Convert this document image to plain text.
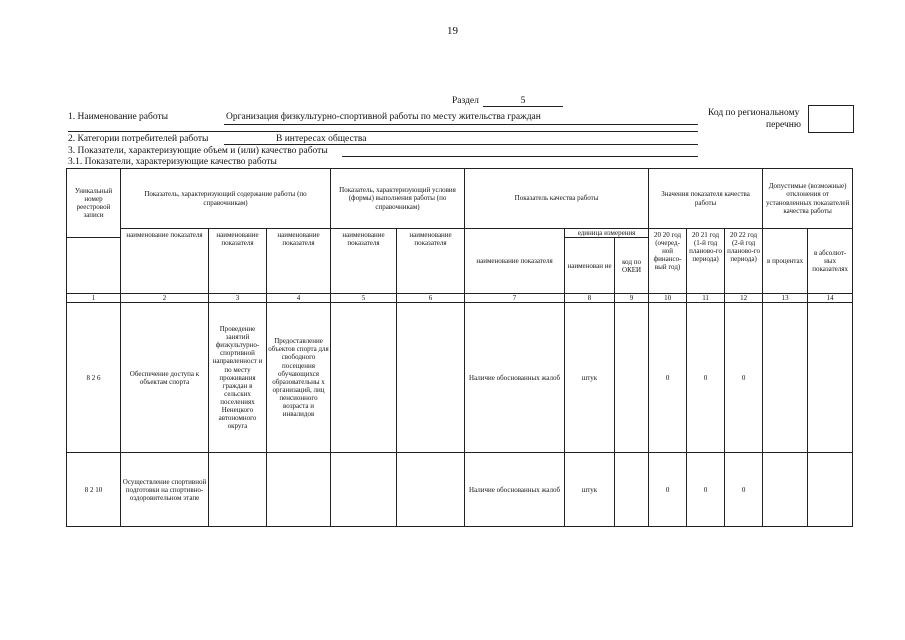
19
Раздел	5
1. Наименование работы	Организация физкультурно-спортивной работы по месту жительства граждан	Код по региональному
перечню
2. Категории потребителей работы	В интересах общества
3. Показатели, характеризующие объем и (или) качество работы
3.1. Показатели, характеризующие качество работы
Уникальный номер реестровой записи	Показатель, характеризующий содержание работы (по справочникам)			Показатель, характеризующий условия (формы) выполнения работы (по справочникам)		Показатель качества работы			Значения показателя качества работы			Допустимые (возможные) отклонения от установленных показателей качества работы	
	наименование показателя	наименование показателя	наименование показателя	наименование показателя	наименование показателя	наименование показателя	единица измерения		20 20 год (очеред-ной финансо-вый год)	20 21 год (1-й год планово-го периода)	20 22 год (2-й год планово-го периода)	в процентах	в абсолют-ных показателях
							наименован ие	код по ОКЕИ					
1	2	3	4	5	6	7	8	9	10	11	12	13	14
8 2 6	Обеспечение доступа к объектам спорта	Проведение занятий физкультурно-спортивной направленност и по месту проживания граждан в сельских поселениях Ненецкого автономного округа	Предоставление объектов спорта для свободного посещения обучающихся образовательны х организаций, лиц пенсионного возраста и инвалидов			Наличие обоснованных жалоб	штук		0	0	0		
8 2 10	Осуществление спортивной подготовки на спортивно-оздоровительном этапе					Наличие обоснованных жалоб	штук		0	0	0		
